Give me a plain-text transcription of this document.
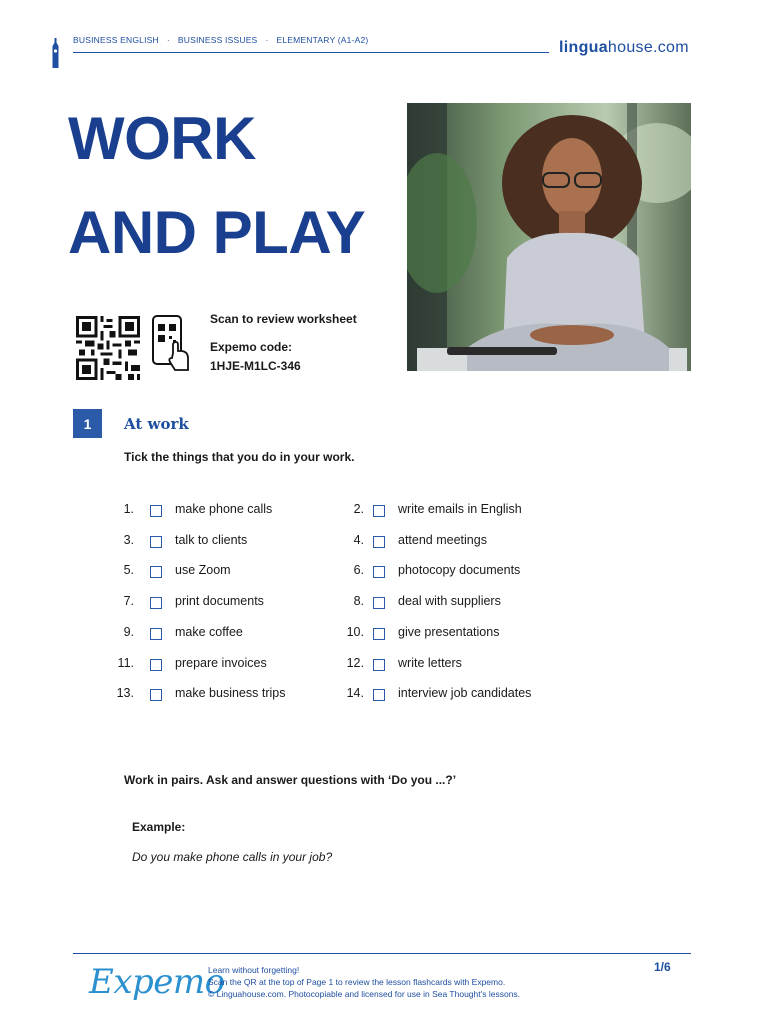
BUSINESS ENGLISH · BUSINESS ISSUES · ELEMENTARY (A1-A2)	linguahouse.com
WORK
AND PLAY
Scan to review worksheet
Expemo code:
1HJE-M1LC-346
1	At work
Tick the things that you do in your work.
1.	make phone calls	2.	write emails in English
3.	talk to clients	4.	attend meetings
5.	use Zoom	6.	photocopy documents
7.	print documents	8.	deal with suppliers
9.	make coffee	10.	give presentations
11.	prepare invoices	12.	write letters
13.	make business trips	14.	interview job candidates
Work in pairs. Ask and answer questions with ‘Do you ...?’
Example:
Do you make phone calls in your job?
Expemo
Learn without forgetting!
Scan the QR at the top of Page 1 to review the lesson flashcards with Expemo.
© Linguahouse.com. Photocopiable and licensed for use in Sea Thought's lessons.
1/6
